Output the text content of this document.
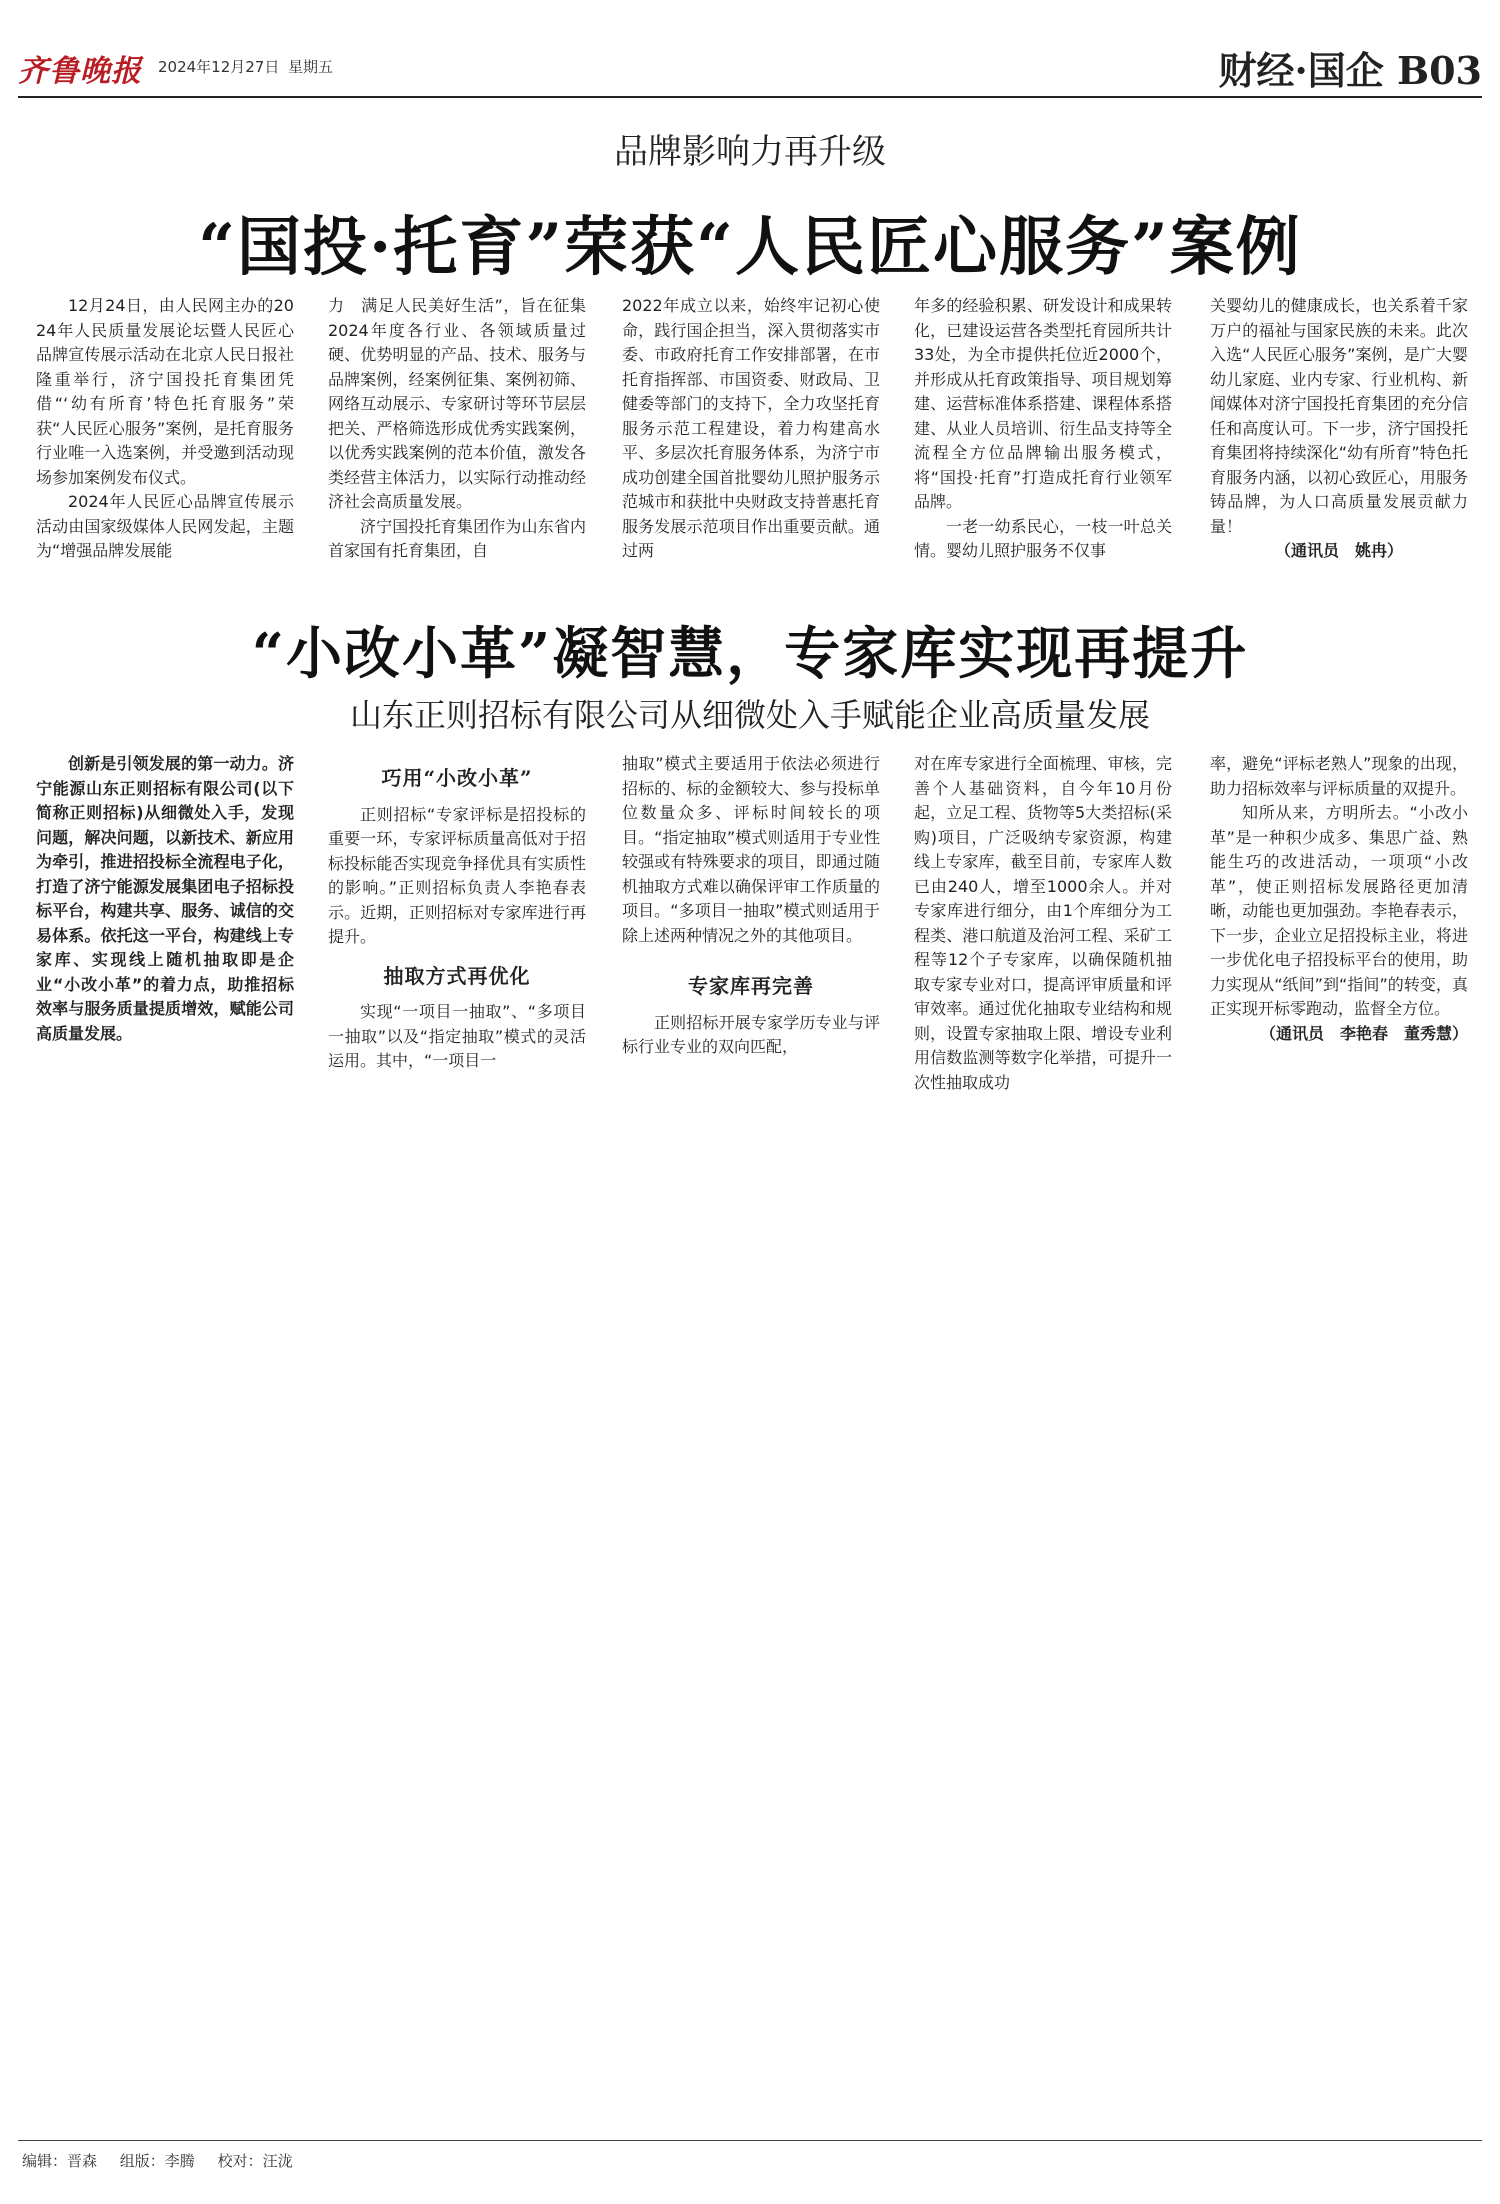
齐鲁晚报 2024年12月27日 星期五	财经·国企 B03
品牌影响力再升级
“国投·托育”荣获“人民匠心服务”案例

12月24日，由人民网主办的2024年人民质量发展论坛暨人民匠心品牌宣传展示活动在北京人民日报社隆重举行，济宁国投托育集团凭借“‘幼有所育’特色托育服务”荣获“人民匠心服务”案例，是托育服务行业唯一入选案例，并受邀到活动现场参加案例发布仪式。

2024年人民匠心品牌宣传展示活动由国家级媒体人民网发起，主题为“增强品牌发展能

力　满足人民美好生活”，旨在征集2024年度各行业、各领域质量过硬、优势明显的产品、技术、服务与品牌案例，经案例征集、案例初筛、网络互动展示、专家研讨等环节层层把关、严格筛选形成优秀实践案例，以优秀实践案例的范本价值，激发各类经营主体活力，以实际行动推动经济社会高质量发展。

济宁国投托育集团作为山东省内首家国有托育集团，自

2022年成立以来，始终牢记初心使命，践行国企担当，深入贯彻落实市委、市政府托育工作安排部署，在市托育指挥部、市国资委、财政局、卫健委等部门的支持下，全力攻坚托育服务示范工程建设，着力构建高水平、多层次托育服务体系，为济宁市成功创建全国首批婴幼儿照护服务示范城市和获批中央财政支持普惠托育服务发展示范项目作出重要贡献。通过两

年多的经验积累、研发设计和成果转化，已建设运营各类型托育园所共计33处，为全市提供托位近2000个，并形成从托育政策指导、项目规划筹建、运营标准体系搭建、课程体系搭建、从业人员培训、衍生品支持等全流程全方位品牌输出服务模式，将“国投·托育”打造成托育行业领军品牌。

一老一幼系民心，一枝一叶总关情。婴幼儿照护服务不仅事

关婴幼儿的健康成长，也关系着千家万户的福祉与国家民族的未来。此次入选“人民匠心服务”案例，是广大婴幼儿家庭、业内专家、行业机构、新闻媒体对济宁国投托育集团的充分信任和高度认可。下一步，济宁国投托育集团将持续深化“幼有所育”特色托育服务内涵，以初心致匠心，用服务铸品牌，为人口高质量发展贡献力量！

（通讯员　姚冉）
“小改小革”凝智慧，专家库实现再提升
山东正则招标有限公司从细微处入手赋能企业高质量发展

创新是引领发展的第一动力。济宁能源山东正则招标有限公司(以下简称正则招标)从细微处入手，发现问题，解决问题，以新技术、新应用为牵引，推进招投标全流程电子化，打造了济宁能源发展集团电子招标投标平台，构建共享、服务、诚信的交易体系。依托这一平台，构建线上专家库、实现线上随机抽取即是企业“小改小革”的着力点，助推招标效率与服务质量提质增效，赋能公司高质量发展。

巧用“小改小革”

正则招标“专家评标是招投标的重要一环，专家评标质量高低对于招标投标能否实现竞争择优具有实质性的影响。”正则招标负责人李艳春表示。近期，正则招标对专家库进行再提升。

抽取方式再优化

实现“一项目一抽取”、“多项目一抽取”以及“指定抽取”模式的灵活运用。其中，“一项目一

抽取”模式主要适用于依法必须进行招标的、标的金额较大、参与投标单位数量众多、评标时间较长的项目。“指定抽取”模式则适用于专业性较强或有特殊要求的项目，即通过随机抽取方式难以确保评审工作质量的项目。“多项目一抽取”模式则适用于除上述两种情况之外的其他项目。

专家库再完善

正则招标开展专家学历专业与评标行业专业的双向匹配，

对在库专家进行全面梳理、审核，完善个人基础资料，自今年10月份起，立足工程、货物等5大类招标(采购)项目，广泛吸纳专家资源，构建线上专家库，截至目前，专家库人数已由240人，增至1000余人。并对专家库进行细分，由1个库细分为工程类、港口航道及治河工程、采矿工程等12个子专家库，以确保随机抽取专家专业对口，提高评审质量和评审效率。通过优化抽取专业结构和规则，设置专家抽取上限、增设专业利用信数监测等数字化举措，可提升一次性抽取成功

率，避免“评标老熟人”现象的出现，助力招标效率与评标质量的双提升。

知所从来，方明所去。“小改小革”是一种积少成多、集思广益、熟能生巧的改进活动，一项项“小改革”，使正则招标发展路径更加清晰，动能也更加强劲。李艳春表示，下一步，企业立足招投标主业，将进一步优化电子招投标平台的使用，助力实现从“纸间”到“指间”的转变，真正实现开标零跑动，监督全方位。

（通讯员　李艳春　董秀慧）
编辑：晋森 组版：李腾 校对：汪泷
